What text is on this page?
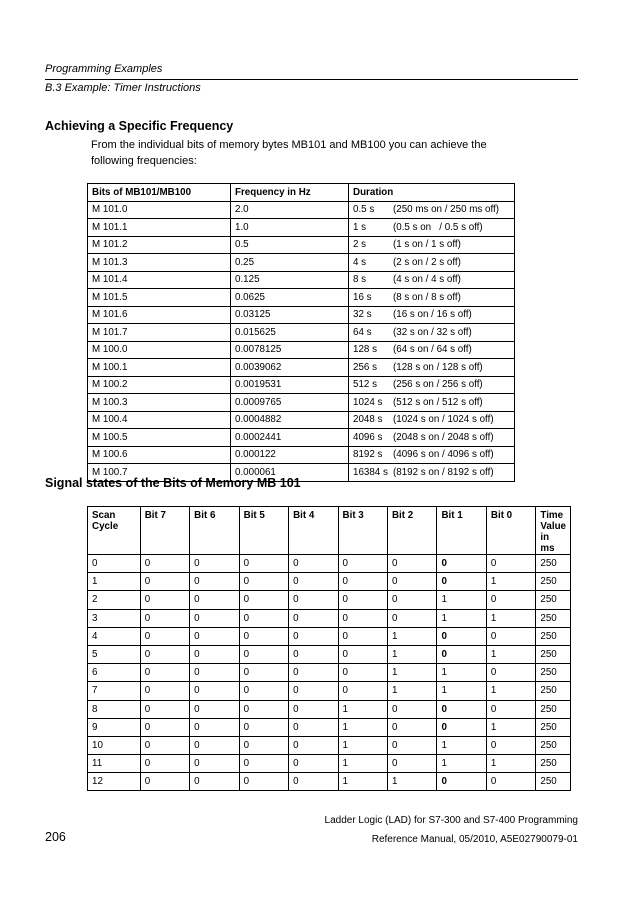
Programming Examples
B.3 Example: Timer Instructions
Achieving a Specific Frequency
From the individual bits of memory bytes MB101 and MB100 you can achieve the following frequencies:
Bits of MB101/MB100	Frequency in Hz	Duration
M 101.0	2.0	0.5 s (250 ms on / 250 ms off)

M 101.1	1.0	1 s (0.5 s on   / 0.5 s off)

M 101.2	0.5	2 s (1 s on / 1 s off)

M 101.3	0.25	4 s (2 s on / 2 s off)

M 101.4	0.125	8 s (4 s on / 4 s off)

M 101.5	0.0625	16 s (8 s on / 8 s off)

M 101.6	0.03125	32 s (16 s on / 16 s off)

M 101.7	0.015625	64 s (32 s on / 32 s off)

M 100.0	0.0078125	128 s (64 s on / 64 s off)

M 100.1	0.0039062	256 s (128 s on / 128 s off)

M 100.2	0.0019531	512 s (256 s on / 256 s off)

M 100.3	0.0009765	1024 s (512 s on / 512 s off)

M 100.4	0.0004882	2048 s (1024 s on / 1024 s off)

M 100.5	0.0002441	4096 s (2048 s on / 2048 s off)

M 100.6	0.000122	8192 s (4096 s on / 4096 s off)

M 100.7	0.000061	16384 s (8192 s on / 8192 s off)
Signal states of the Bits of Memory MB 101
Scan Cycle	Bit 7	Bit 6	Bit 5	Bit 4	Bit 3	Bit 2	Bit 1	Bit 0	Time Value in ms
0	0	0	0	0	0	0	0	0	250
1	0	0	0	0	0	0	0	1	250
2	0	0	0	0	0	0	1	0	250
3	0	0	0	0	0	0	1	1	250
4	0	0	0	0	0	1	0	0	250
5	0	0	0	0	0	1	0	1	250
6	0	0	0	0	0	1	1	0	250
7	0	0	0	0	0	1	1	1	250
8	0	0	0	0	1	0	0	0	250
9	0	0	0	0	1	0	0	1	250
10	0	0	0	0	1	0	1	0	250
11	0	0	0	0	1	0	1	1	250
12	0	0	0	0	1	1	0	0	250
Ladder Logic (LAD) for S7-300 and S7-400 Programming
206	Reference Manual, 05/2010, A5E02790079-01
